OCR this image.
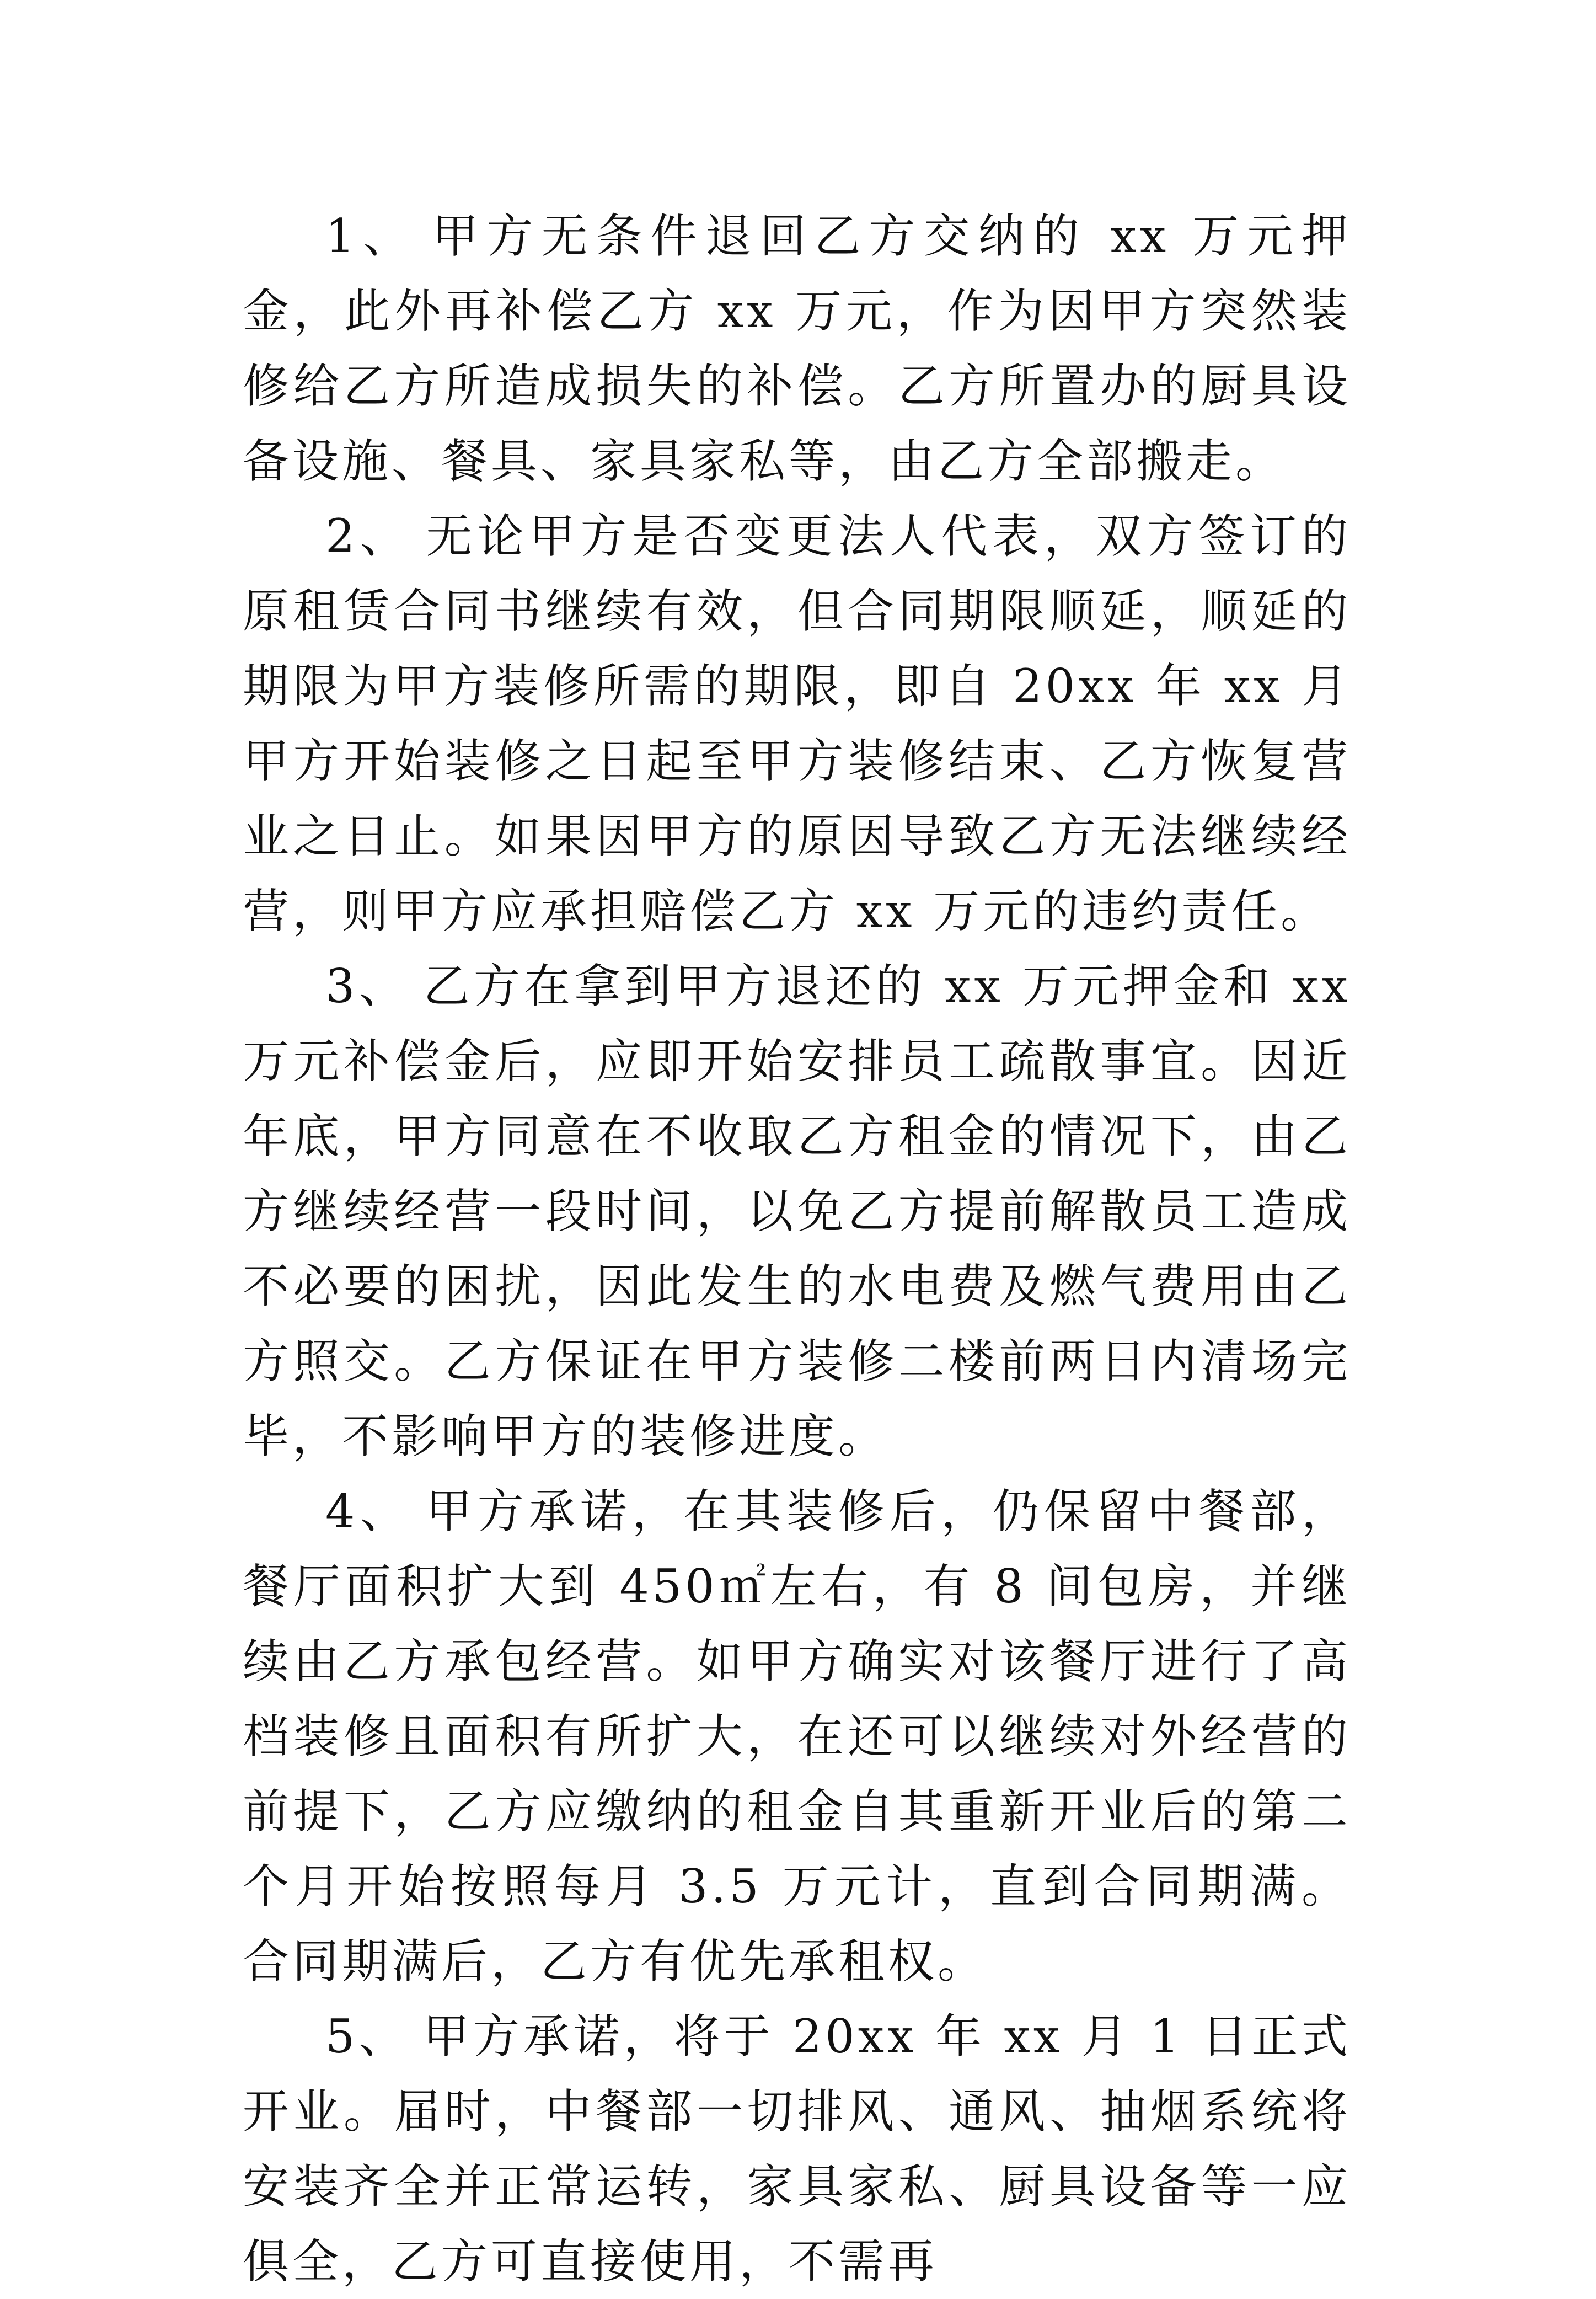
1、 甲方无条件退回乙方交纳的 xx 万元押金，此外再补偿乙方 xx 万元，作为因甲方突然装修给乙方所造成损失的补偿。乙方所置办的厨具设备设施、餐具、家具家私等，由乙方全部搬走。

2、 无论甲方是否变更法人代表，双方签订的原租赁合同书继续有效，但合同期限顺延，顺延的期限为甲方装修所需的期限，即自 20xx 年 xx 月甲方开始装修之日起至甲方装修结束、乙方恢复营业之日止。如果因甲方的原因导致乙方无法继续经营，则甲方应承担赔偿乙方 xx 万元的违约责任。

3、 乙方在拿到甲方退还的 xx 万元押金和 xx 万元补偿金后，应即开始安排员工疏散事宜。因近年底，甲方同意在不收取乙方租金的情况下，由乙方继续经营一段时间，以免乙方提前解散员工造成不必要的困扰，因此发生的水电费及燃气费用由乙方照交。乙方保证在甲方装修二楼前两日内清场完毕，不影响甲方的装修进度。

4、 甲方承诺，在其装修后，仍保留中餐部，餐厅面积扩大到 450㎡左右，有 8 间包房，并继续由乙方承包经营。如甲方确实对该餐厅进行了高档装修且面积有所扩大，在还可以继续对外经营的前提下，乙方应缴纳的租金自其重新开业后的第二个月开始按照每月 3.5 万元计，直到合同期满。合同期满后，乙方有优先承租权。

5、 甲方承诺，将于 20xx 年 xx 月 1 日正式开业。届时，中餐部一切排风、通风、抽烟系统将安装齐全并正常运转，家具家私、厨具设备等一应俱全，乙方可直接使用，不需再
